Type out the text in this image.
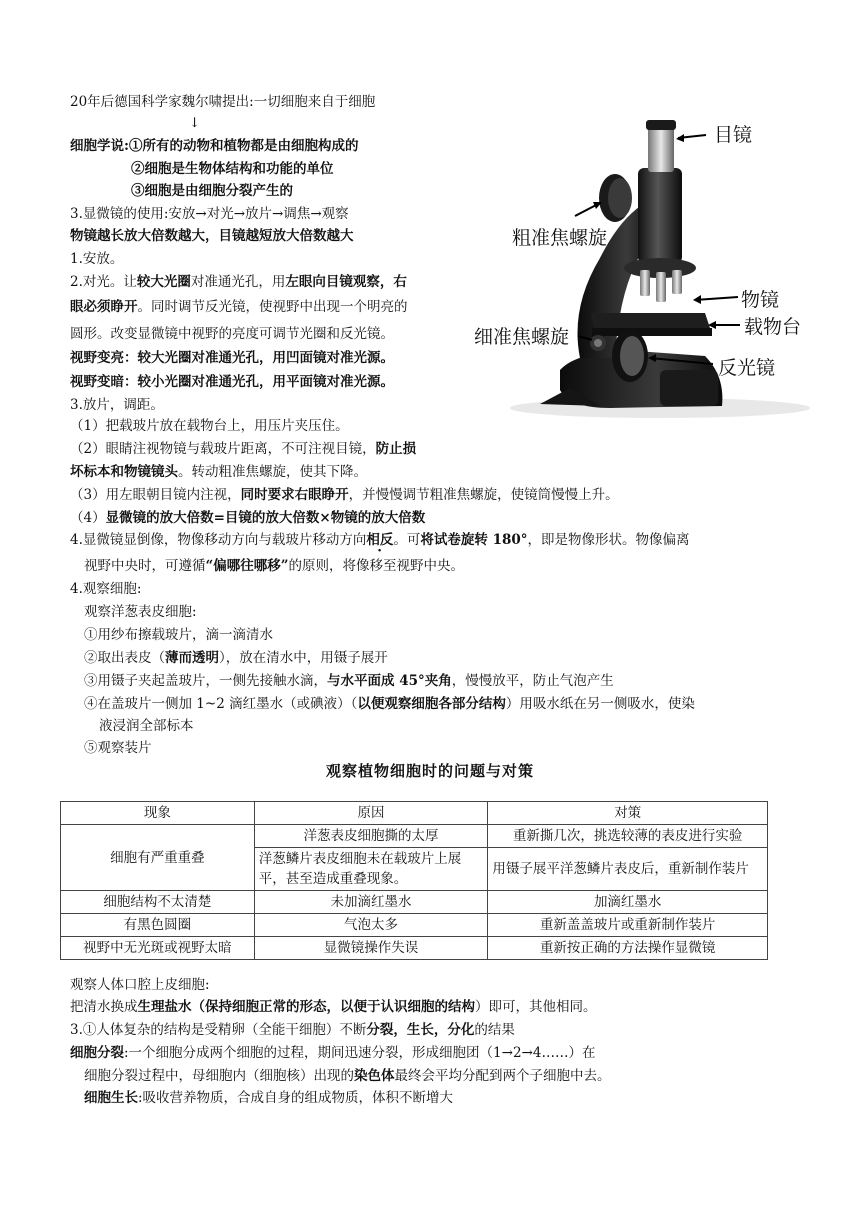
20年后德国科学家魏尔啸提出:一切细胞来自于细胞
↓
细胞学说:①所有的动物和植物都是由细胞构成的
②细胞是生物体结构和功能的单位
③细胞是由细胞分裂产生的
3.显微镜的使用:安放→对光→放片→调焦→观察
物镜越长放大倍数越大，目镜越短放大倍数越大
1.安放。
2.对光。让较大光圈对准通光孔，用左眼向目镜观察，右
眼必须睁开。同时调节反光镜，使视野中出现一个明亮的
圆形。改变显微镜中视野的亮度可调节光圈和反光镜。
视野变亮：较大光圈对准通光孔，用凹面镜对准光源。
视野变暗：较小光圈对准通光孔，用平面镜对准光源。
3.放片，调距。
（1）把载玻片放在载物台上，用压片夹压住。
（2）眼睛注视物镜与载玻片距离，不可注视目镜，防止损
坏标本和物镜镜头。转动粗准焦螺旋，使其下降。
（3）用左眼朝目镜内注视，同时要求右眼睁开，并慢慢调节粗准焦螺旋，使镜筒慢慢上升。
（4）显微镜的放大倍数=目镜的放大倍数×物镜的放大倍数
4.显微镜显倒像，物像移动方向与载玻片移动方向相反。可将试卷旋转 180°，即是物像形状。物像偏离
视野中央时，可遵循“偏哪往哪移”的原则，将像移至视野中央。
4.观察细胞:
观察洋葱表皮细胞:
①用纱布擦载玻片，滴一滴清水
②取出表皮（薄而透明），放在清水中，用镊子展开
③用镊子夹起盖玻片，一侧先接触水滴，与水平面成 45°夹角，慢慢放平，防止气泡产生
④在盖玻片一侧加 1~2 滴红墨水（或碘液）（以便观察细胞各部分结构）用吸水纸在另一侧吸水，使染
液浸润全部标本
⑤观察装片
观察植物细胞时的问题与对策
现象	原因	对策
细胞有严重重叠	洋葱表皮细胞撕的太厚	重新撕几次，挑选较薄的表皮进行实验
	洋葱鳞片表皮细胞未在载玻片上展平，甚至造成重叠现象。	用镊子展平洋葱鳞片表皮后，重新制作装片
细胞结构不太清楚	未加滴红墨水	加滴红墨水
有黑色圆圈	气泡太多	重新盖盖玻片或重新制作装片
视野中无光斑或视野太暗	显微镜操作失误	重新按正确的方法操作显微镜
观察人体口腔上皮细胞:
把清水换成生理盐水（保持细胞正常的形态，以便于认识细胞的结构）即可，其他相同。
3.①人体复杂的结构是受精卵（全能干细胞）不断分裂，生长，分化的结果
细胞分裂:一个细胞分成两个细胞的过程，期间迅速分裂，形成细胞团（1→2→4……）在
细胞分裂过程中，母细胞内（细胞核）出现的染色体最终会平均分配到两个子细胞中去。
细胞生长:吸收营养物质，合成自身的组成物质，体积不断增大
目镜
粗准焦螺旋
物镜
载物台
细准焦螺旋
反光镜
